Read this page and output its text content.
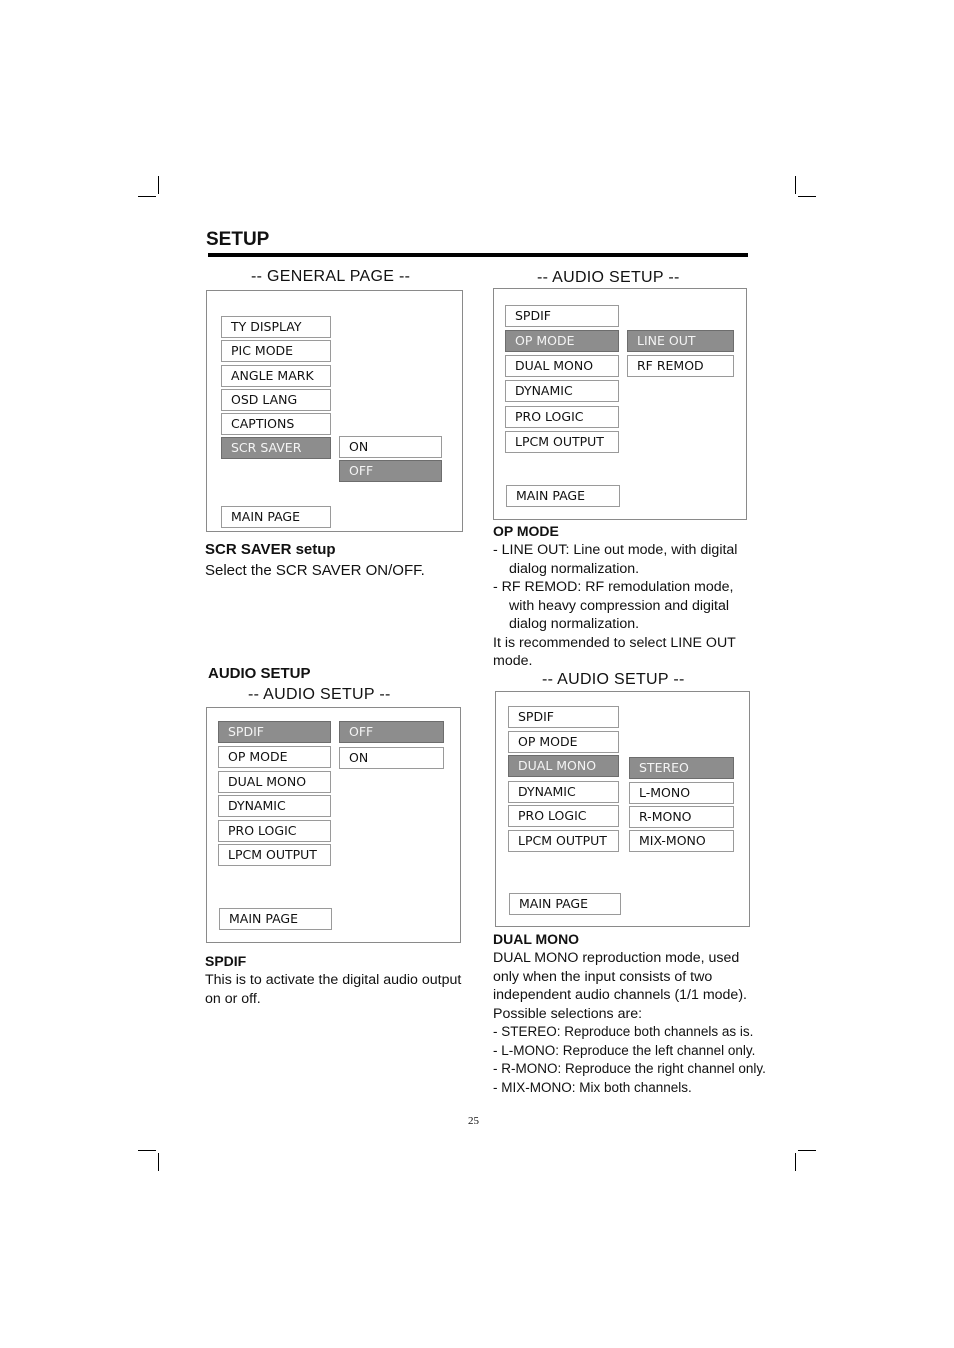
SETUP
-- GENERAL PAGE --
TY DISPLAY
PIC MODE
ANGLE MARK
OSD LANG
CAPTIONS
SCR SAVER	ON
OFF
MAIN PAGE
SCR SAVER setup
Select the SCR SAVER ON/OFF.
-- AUDIO SETUP --
SPDIF
OP MODE
DUAL MONO
DYNAMIC
PRO LOGIC
LPCM OUTPUT
LINE OUT
RF REMOD
MAIN PAGE
OP MODE
- LINE OUT: Line out mode, with digital
dialog normalization.
- RF REMOD: RF remodulation mode,
with heavy compression and digital
dialog normalization.
It is recommended to select LINE OUT
mode.
AUDIO SETUP
-- AUDIO SETUP --
SPDIF
OP MODE
DUAL MONO
DYNAMIC
PRO LOGIC
LPCM OUTPUT
OFF
ON
MAIN PAGE
SPDIF
This is to activate the digital audio output
on or off.
-- AUDIO SETUP --
SPDIF
OP MODE
DUAL MONO
DYNAMIC
PRO LOGIC
LPCM OUTPUT
STEREO
L-MONO
R-MONO
MIX-MONO
MAIN PAGE
DUAL MONO
DUAL MONO reproduction mode, used
only when the input consists of two
independent audio channels (1/1 mode).
Possible selections are:
- STEREO: Reproduce both channels as is.
- L-MONO: Reproduce the left channel only.
- R-MONO: Reproduce the right channel only.
- MIX-MONO: Mix both channels.
25
